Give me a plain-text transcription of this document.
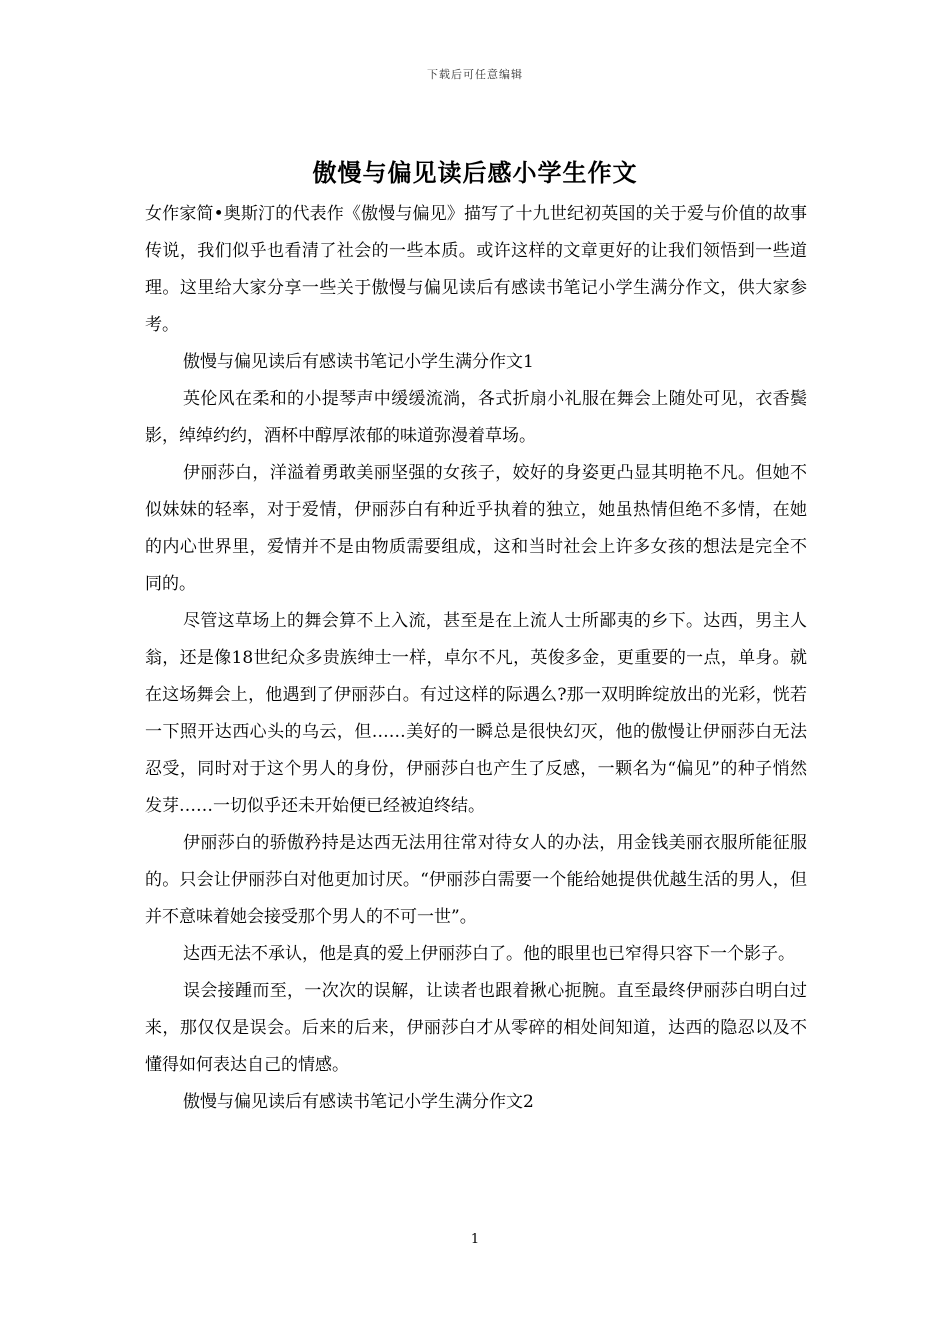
下载后可任意编辑
傲慢与偏见读后感小学生作文

女作家简•奥斯汀的代表作《傲慢与偏见》描写了十九世纪初英国的关于爱与价值的故事传说，我们似乎也看清了社会的一些本质。或许这样的文章更好的让我们领悟到一些道理。这里给大家分享一些关于傲慢与偏见读后有感读书笔记小学生满分作文，供大家参考。

傲慢与偏见读后有感读书笔记小学生满分作文1

英伦风在柔和的小提琴声中缓缓流淌，各式折扇小礼服在舞会上随处可见，衣香鬓影，绰绰约约，酒杯中醇厚浓郁的味道弥漫着草场。

伊丽莎白，洋溢着勇敢美丽坚强的女孩子，姣好的身姿更凸显其明艳不凡。但她不似妹妹的轻率，对于爱情，伊丽莎白有种近乎执着的独立，她虽热情但绝不多情，在她的内心世界里，爱情并不是由物质需要组成，这和当时社会上许多女孩的想法是完全不同的。

尽管这草场上的舞会算不上入流，甚至是在上流人士所鄙夷的乡下。达西，男主人翁，还是像18世纪众多贵族绅士一样，卓尔不凡，英俊多金，更重要的一点，单身。就在这场舞会上，他遇到了伊丽莎白。有过这样的际遇么?那一双明眸绽放出的光彩，恍若一下照开达西心头的乌云，但……美好的一瞬总是很快幻灭，他的傲慢让伊丽莎白无法忍受，同时对于这个男人的身份，伊丽莎白也产生了反感，一颗名为“偏见”的种子悄然发芽……一切似乎还未开始便已经被迫终结。

伊丽莎白的骄傲矜持是达西无法用往常对待女人的办法，用金钱美丽衣服所能征服的。只会让伊丽莎白对他更加讨厌。“伊丽莎白需要一个能给她提供优越生活的男人，但并不意味着她会接受那个男人的不可一世”。

达西无法不承认，他是真的爱上伊丽莎白了。他的眼里也已窄得只容下一个影子。

误会接踵而至，一次次的误解，让读者也跟着揪心扼腕。直至最终伊丽莎白明白过来，那仅仅是误会。后来的后来，伊丽莎白才从零碎的相处间知道，达西的隐忍以及不懂得如何表达自己的情感。

傲慢与偏见读后有感读书笔记小学生满分作文2

1
